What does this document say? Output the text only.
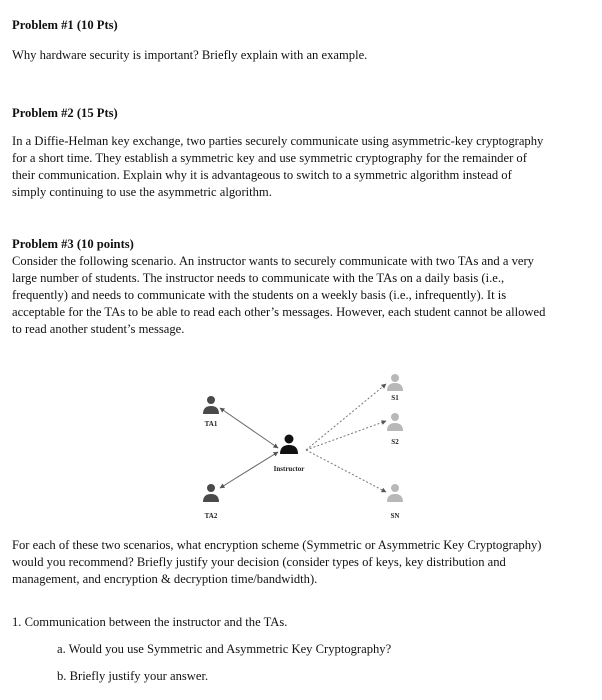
Problem #1 (10 Pts)
Why hardware security is important? Briefly explain with an example.
Problem #2 (15 Pts)
In a Diffie-Helman key exchange, two parties securely communicate using asymmetric-key cryptography
for a short time. They establish a symmetric key and use symmetric cryptography for the remainder of
their communication. Explain why it is advantageous to switch to a symmetric algorithm instead of
simply continuing to use the asymmetric algorithm.
Problem #3 (10 points)
Consider the following scenario. An instructor wants to securely communicate with two TAs and a very
large number of students. The instructor needs to communicate with the TAs on a daily basis (i.e.,
frequently) and needs to communicate with the students on a weekly basis (i.e., infrequently). It is
acceptable for the TAs to be able to read each other’s messages. However, each student cannot be allowed
to read another student’s message.
TA1
TA2
Instructor
S1
S2
SN
For each of these two scenarios, what encryption scheme (Symmetric or Asymmetric Key Cryptography)
would you recommend? Briefly justify your decision (consider types of keys, key distribution and
management, and encryption & decryption time/bandwidth).
1. Communication between the instructor and the TAs.
a. Would you use Symmetric and Asymmetric Key Cryptography?
b. Briefly justify your answer.
